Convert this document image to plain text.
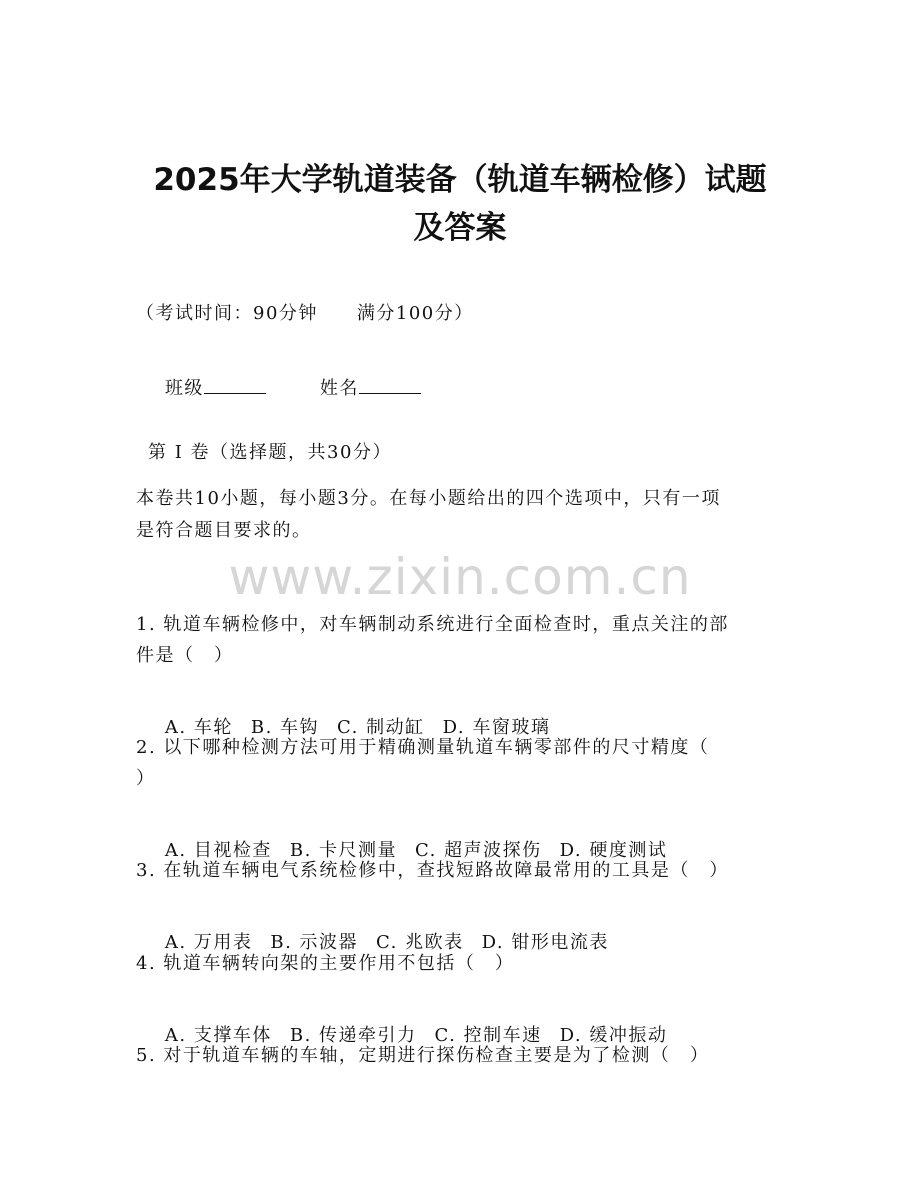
2025年大学轨道装备（轨道车辆检修）试题
及答案
（考试时间：90分钟　　满分100分）

班级	姓名

第 I 卷（选择题，共30分）
本卷共10小题，每小题3分。在每小题给出的四个选项中，只有一项
是符合题目要求的。
www.zixin.com.cn
1. 轨道车辆检修中，对车辆制动系统进行全面检查时，重点关注的部
件是（　）

A. 车轮 B. 车钩 C. 制动缸 D. 车窗玻璃

2. 以下哪种检测方法可用于精确测量轨道车辆零部件的尺寸精度（
）

A. 目视检查 B. 卡尺测量 C. 超声波探伤 D. 硬度测试

3. 在轨道车辆电气系统检修中，查找短路故障最常用的工具是（　）

A. 万用表 B. 示波器 C. 兆欧表 D. 钳形电流表

4. 轨道车辆转向架的主要作用不包括（　）

A. 支撑车体 B. 传递牵引力 C. 控制车速 D. 缓冲振动

5. 对于轨道车辆的车轴，定期进行探伤检查主要是为了检测（　）
